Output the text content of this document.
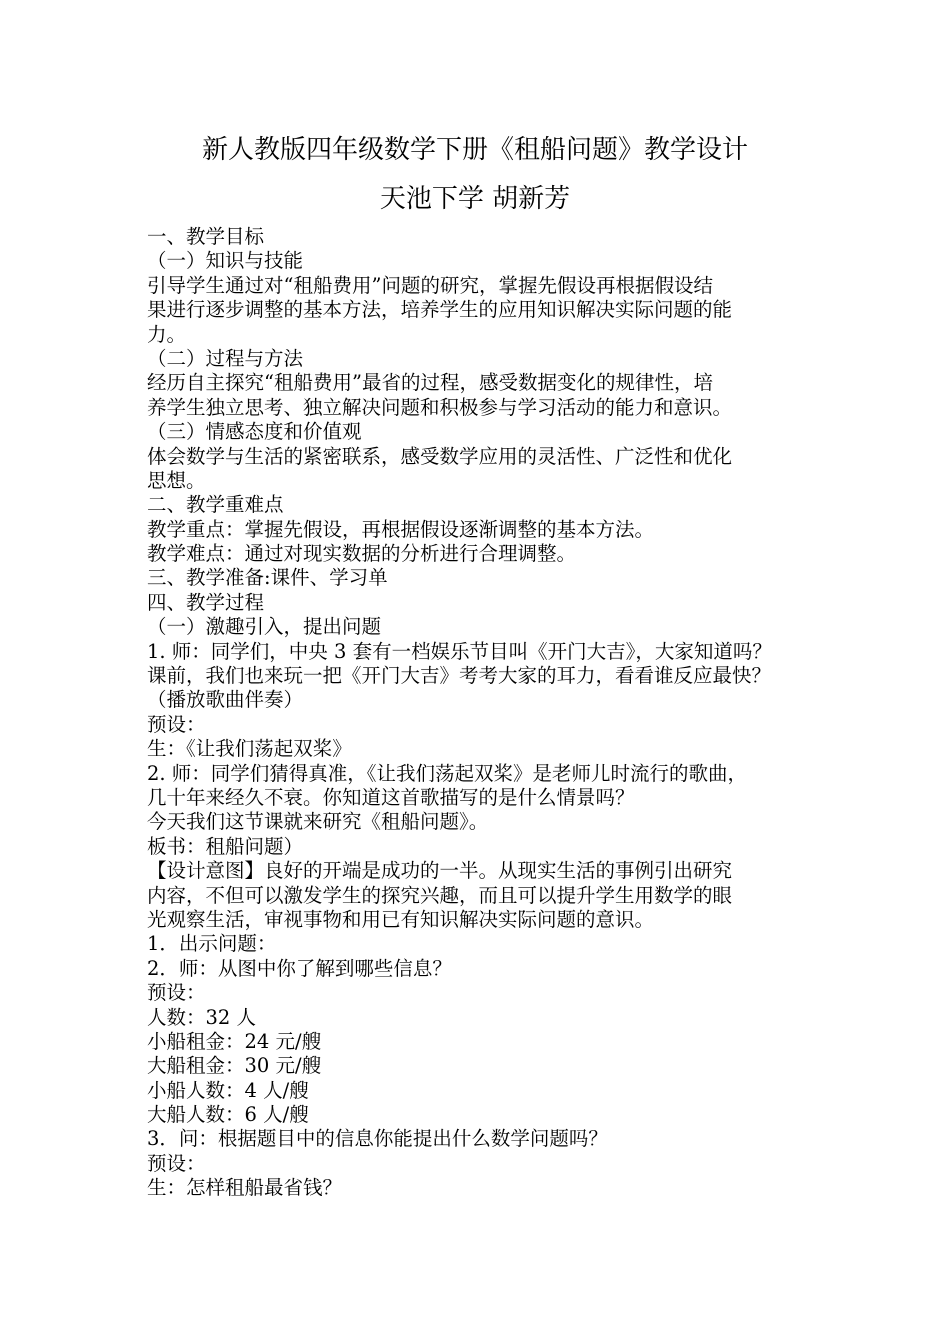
新人教版四年级数学下册《租船问题》教学设计
天池下学 胡新芳
一、教学目标
（一）知识与技能
引导学生通过对“租船费用”问题的研究，掌握先假设再根据假设结
果进行逐步调整的基本方法，培养学生的应用知识解决实际问题的能
力。
（二）过程与方法
经历自主探究“租船费用”最省的过程，感受数据变化的规律性，培
养学生独立思考、独立解决问题和积极参与学习活动的能力和意识。
（三）情感态度和价值观
体会数学与生活的紧密联系，感受数学应用的灵活性、广泛性和优化
思想。
二、教学重难点
教学重点：掌握先假设，再根据假设逐渐调整的基本方法。
教学难点：通过对现实数据的分析进行合理调整。
三、教学准备:课件、学习单
四、教学过程
（一）激趣引入，提出问题
1. 师：同学们，中央 3 套有一档娱乐节目叫《开门大吉》，大家知道吗？
课前，我们也来玩一把《开门大吉》考考大家的耳力，看看谁反应最快？
（播放歌曲伴奏）
预设：
生：《让我们荡起双桨》
2. 师：同学们猜得真准，《让我们荡起双桨》是老师儿时流行的歌曲，
几十年来经久不衰。你知道这首歌描写的是什么情景吗？
今天我们这节课就来研究《租船问题》。
板书：租船问题）
【设计意图】良好的开端是成功的一半。从现实生活的事例引出研究
内容，不但可以激发学生的探究兴趣，而且可以提升学生用数学的眼
光观察生活，审视事物和用已有知识解决实际问题的意识。
1．出示问题：
2．师：从图中你了解到哪些信息？
预设：
人数：32 人
小船租金：24 元/艘
大船租金：30 元/艘
小船人数：4 人/艘
大船人数：6 人/艘
3．问：根据题目中的信息你能提出什么数学问题吗？
预设：
生：怎样租船最省钱？
